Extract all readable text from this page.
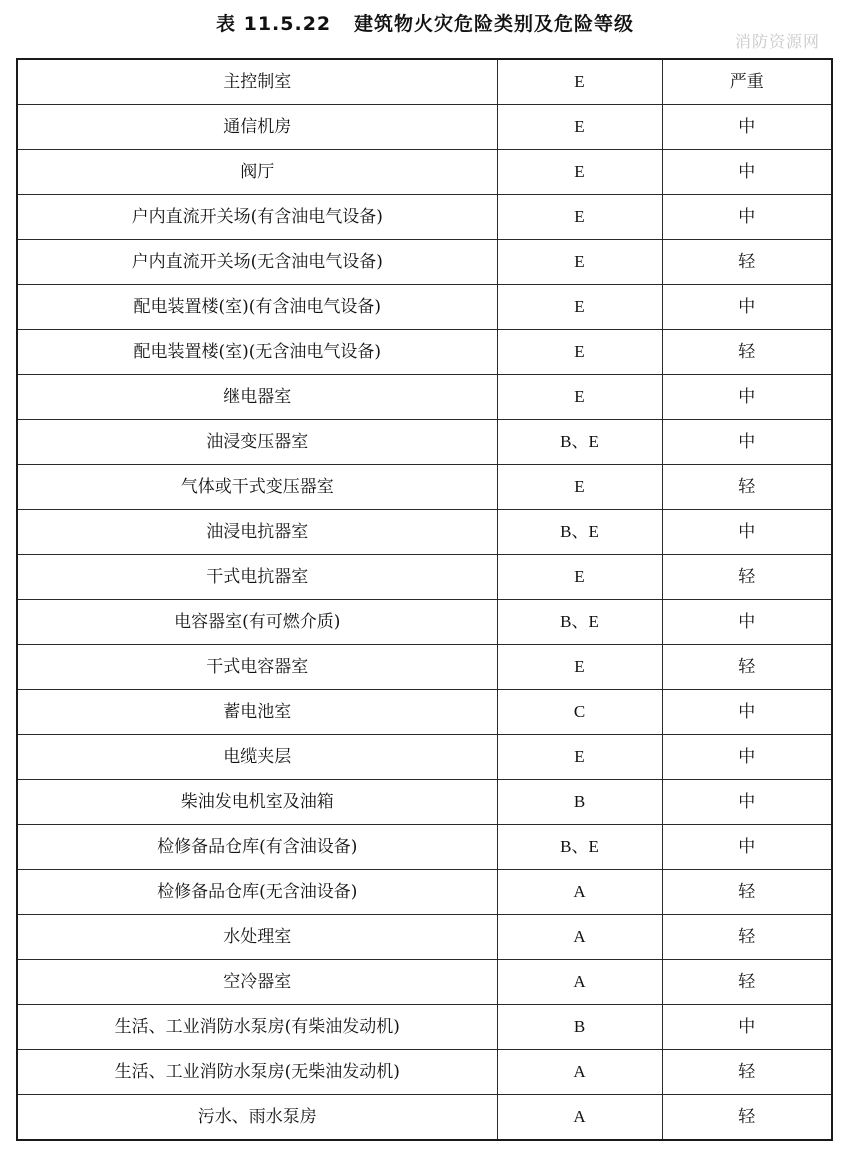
表 11.5.22   建筑物火灾危险类别及危险等级
消防资源网
主控制室	E	严重
通信机房	E	中
阀厅	E	中
户内直流开关场(有含油电气设备)	E	中
户内直流开关场(无含油电气设备)	E	轻
配电装置楼(室)(有含油电气设备)	E	中
配电装置楼(室)(无含油电气设备)	E	轻
继电器室	E	中
油浸变压器室	B、E	中
气体或干式变压器室	E	轻
油浸电抗器室	B、E	中
干式电抗器室	E	轻
电容器室(有可燃介质)	B、E	中
干式电容器室	E	轻
蓄电池室	C	中
电缆夹层	E	中
柴油发电机室及油箱	B	中
检修备品仓库(有含油设备)	B、E	中
检修备品仓库(无含油设备)	A	轻
水处理室	A	轻
空冷器室	A	轻
生活、工业消防水泵房(有柴油发动机)	B	中
生活、工业消防水泵房(无柴油发动机)	A	轻
污水、雨水泵房	A	轻
